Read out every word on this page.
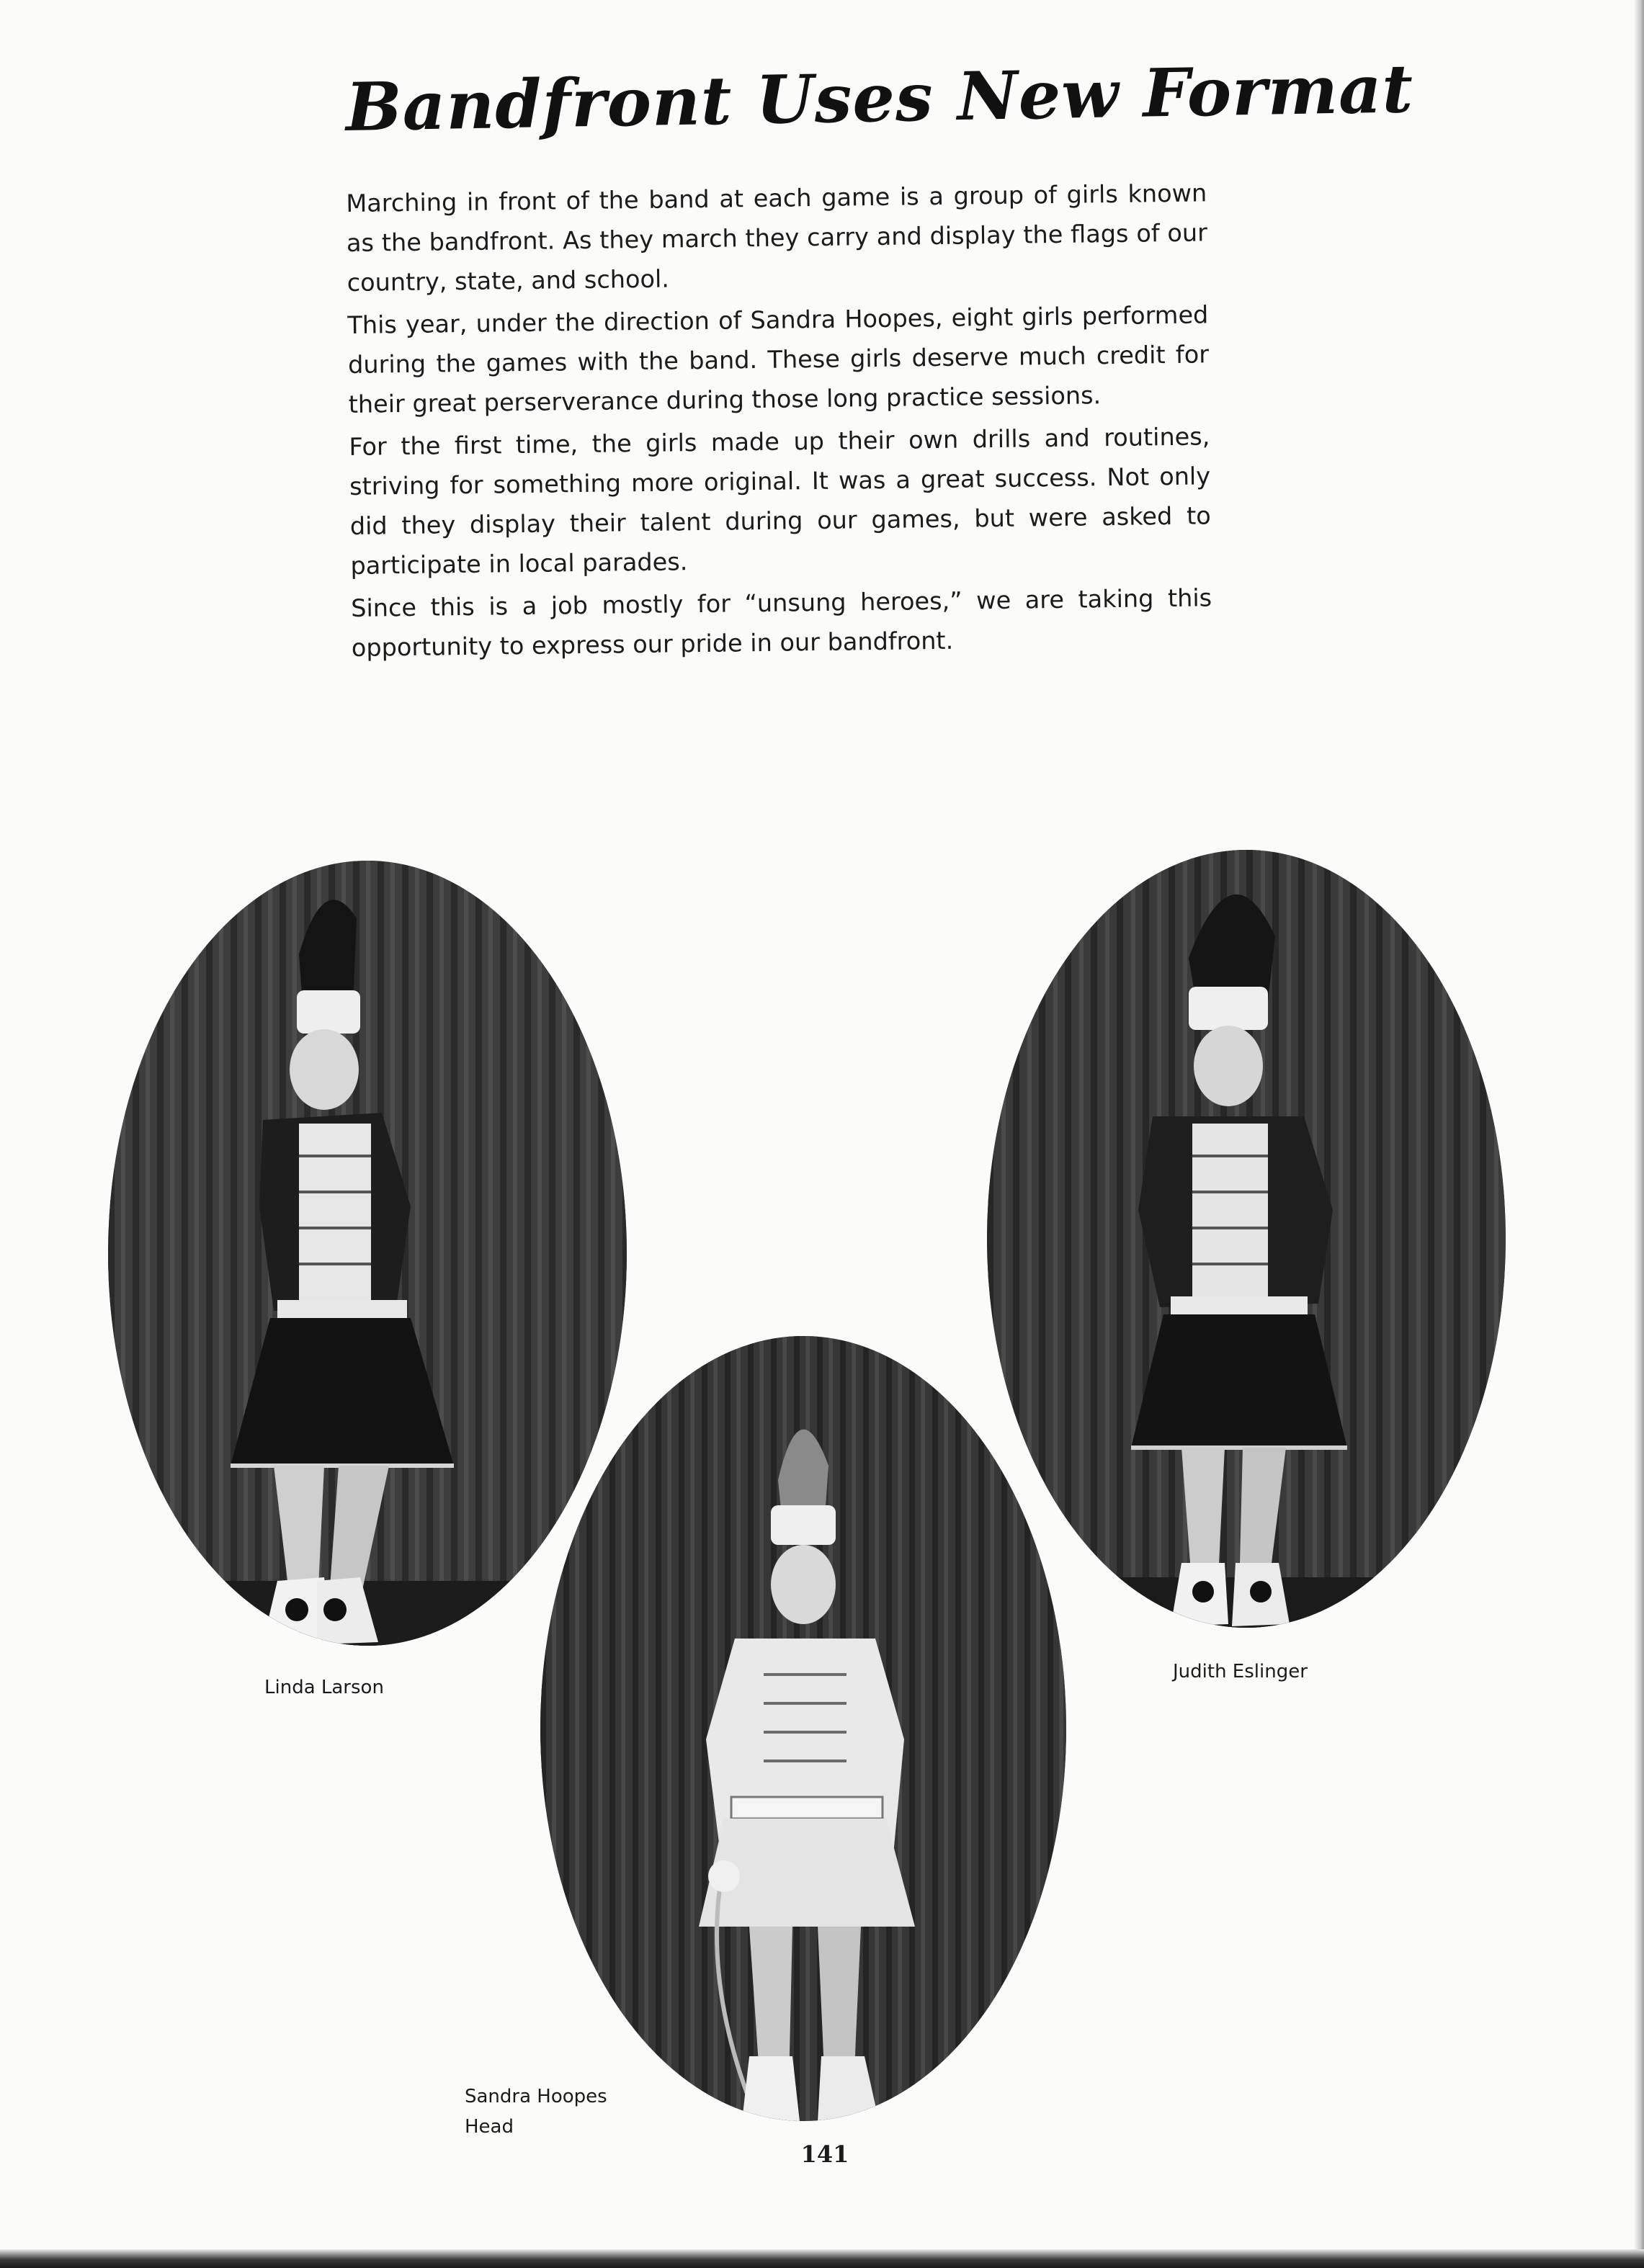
Bandfront Uses New Format

Marching in front of the band at each game is a group of girls known as the bandfront. As they march they carry and display the flags of our country, state, and school.

This year, under the direction of Sandra Hoopes, eight girls performed during the games with the band. These girls deserve much credit for their great perserverance during those long practice sessions.

For the first time, the girls made up their own drills and routines, striving for something more original. It was a great success. Not only did they display their talent during our games, but were asked to participate in local parades.

Since this is a job mostly for “unsung heroes,” we are taking this opportunity to express our pride in our bandfront.

Linda Larson
Sandra Hoopes
Head
Judith Eslinger
141
